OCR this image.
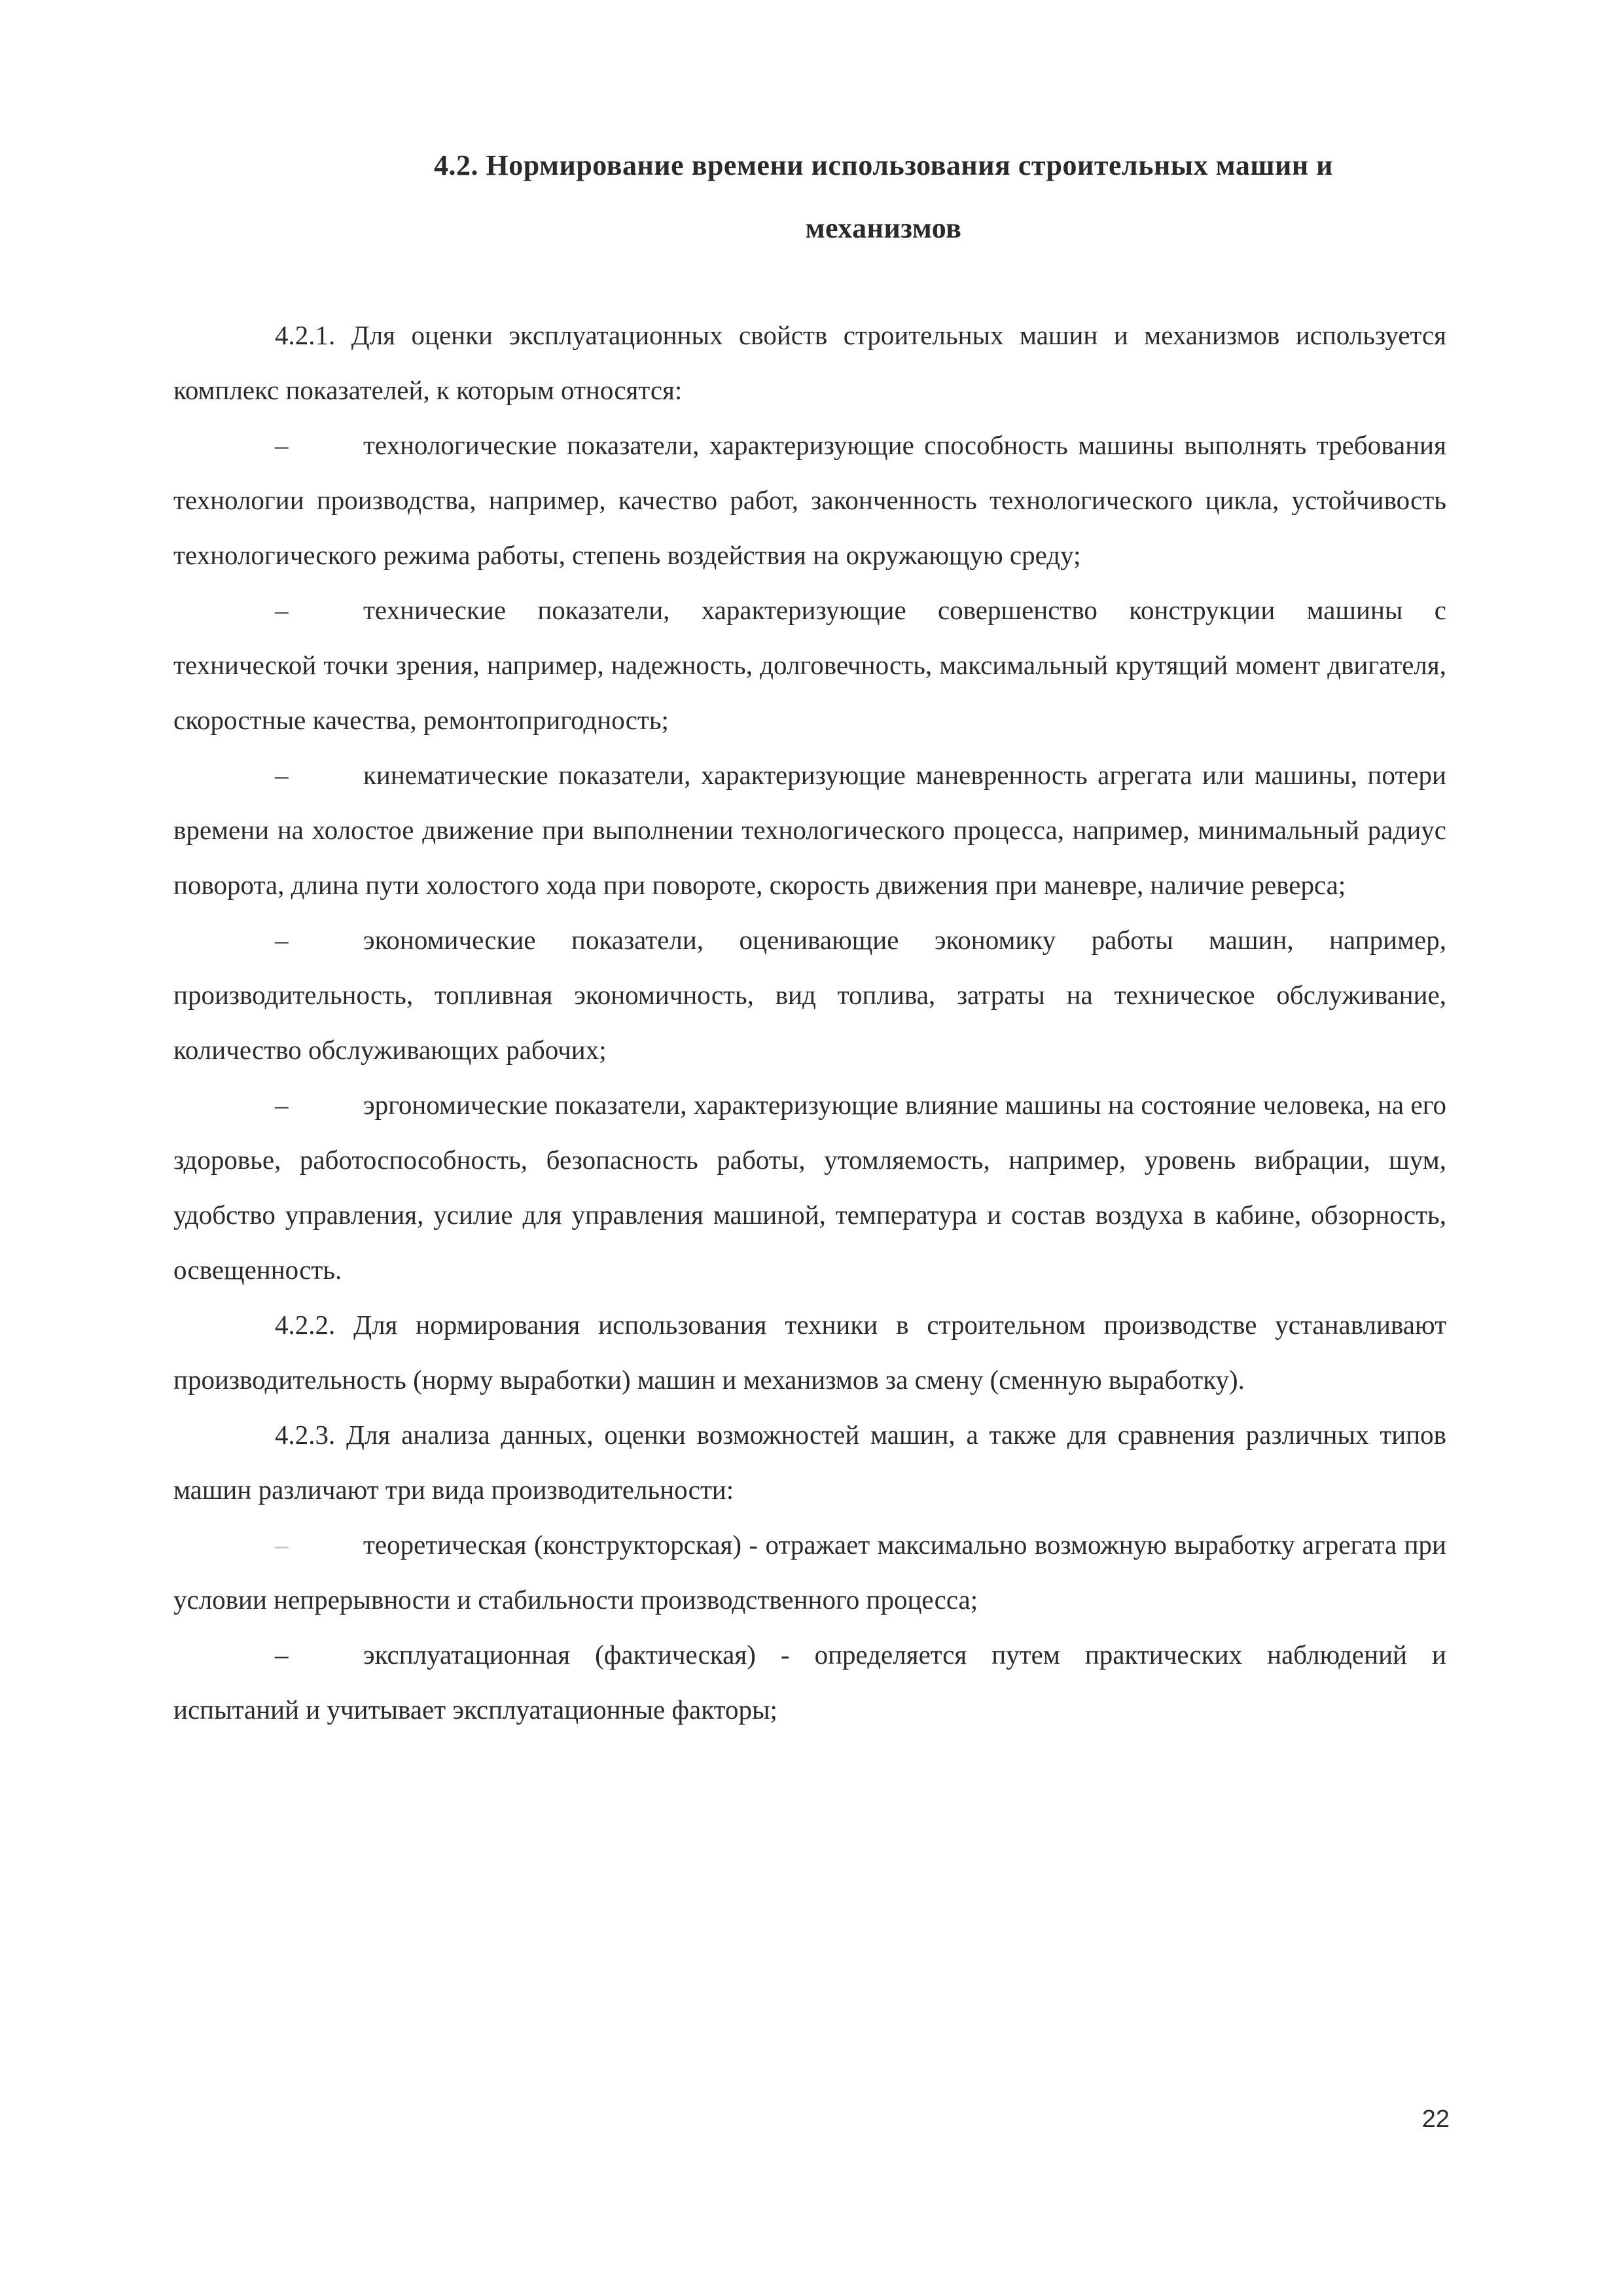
4.2. Нормирование времени использования строительных машин и
механизмов

4.2.1. Для оценки эксплуатационных свойств строительных машин и механизмов используется комплекс показателей, к которым относятся:

–	технологические показатели, характеризующие способность машины выполнять требования технологии производства, например, качество работ, законченность технологического цикла, устойчивость технологического режима работы, степень воздействия на окружающую среду;
–	технические показатели, характеризующие совершенство конструкции машины с технической точки зрения, например, надежность, долговечность, максимальный крутящий момент двигателя, скоростные качества, ремонтопригодность;
–	кинематические показатели, характеризующие маневренность агрегата или машины, потери времени на холостое движение при выполнении технологического процесса, например, минимальный радиус поворота, длина пути холостого хода при повороте, скорость движения при маневре, наличие реверса;
–	экономические показатели, оценивающие экономику работы машин, например, производительность, топливная экономичность, вид топлива, затраты на техническое обслуживание, количество обслуживающих рабочих;
–	эргономические показатели, характеризующие влияние машины на состояние человека, на его здоровье, работоспособность, безопасность работы, утомляемость, например, уровень вибрации, шум, удобство управления, усилие для управления машиной, температура и состав воздуха в кабине, обзорность, освещенность.

4.2.2. Для нормирования использования техники в строительном производстве устанавливают производительность (норму выработки) машин и механизмов за смену (сменную выработку).

4.2.3. Для анализа данных, оценки возможностей машин, а также для сравнения различных типов машин различают три вида производительности:

–	теоретическая (конструкторская) - отражает максимально возможную выработку агрегата при условии непрерывности и стабильности производственного процесса;
–	эксплуатационная (фактическая) - определяется путем практических наблюдений и испытаний и учитывает эксплуатационные факторы;
22
